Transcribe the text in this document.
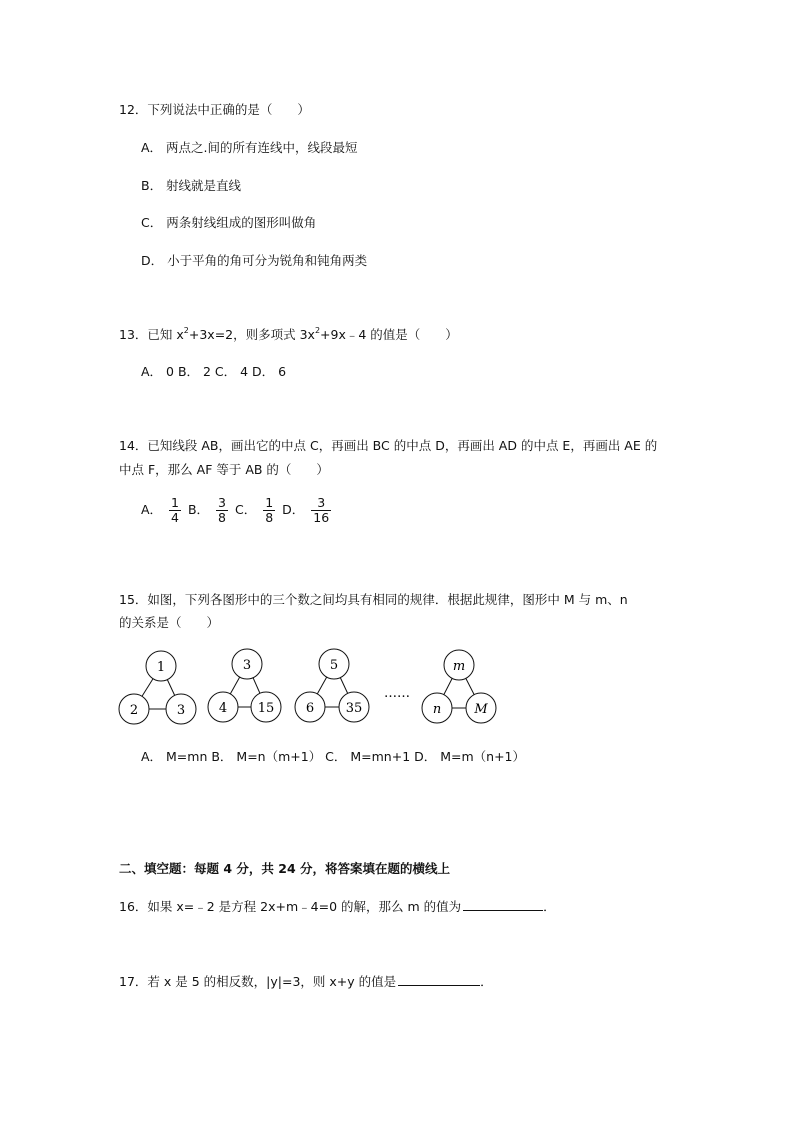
12．下列说法中正确的是（　　）
A． 两点之.间的所有连线中，线段最短
B． 射线就是直线
C． 两条射线组成的图形叫做角
D． 小于平角的角可分为锐角和钝角两类
13．已知 $x^2+3x=2$，则多项式 $3x^2+9x﹣4$ 的值是（　　）
A． 0 B． 2 C． 4 D． 6
14．已知线段 AB，画出它的中点 C，再画出 BC 的中点 D，再画出 AD 的中点 E，再画出 AE 的
中点 F，那么 AF 等于 AB 的（　　）
A． $\frac{1}{4}$ B． $\frac{3}{8}$ C． $\frac{1}{8}$ D． $\frac{3}{16}$
15．如图，下列各图形中的三个数之间均具有相同的规律．根据此规律，图形中 M 与 m、n
的关系是（　　）
1
2	3
3
4 15
5
6 35
……
m
n	M
A． M=mn B． M=n（m+1） C． M=mn+1 D． M=m（n+1）
二、填空题：每题 4 分，共 24 分，将答案填在题的横线上
16．如果 x=﹣2 是方程 2x+m﹣4=0 的解，那么 m 的值为	．
17．若 x 是 5 的相反数，|y|=3，则 x+y 的值是	．
